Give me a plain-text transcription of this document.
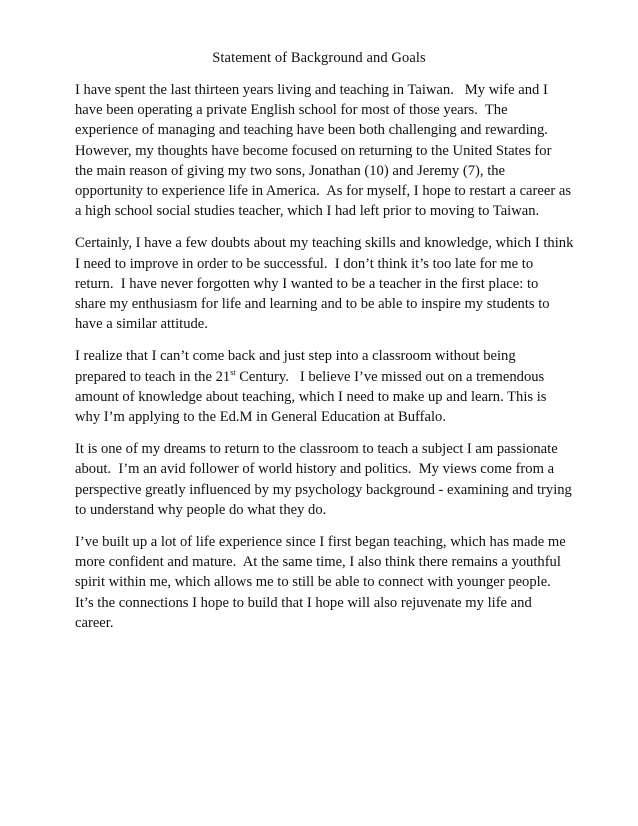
Statement of Background and Goals

I have spent the last thirteen years living and teaching in Taiwan.   My wife and I
have been operating a private English school for most of those years.  The
experience of managing and teaching have been both challenging and rewarding.
However, my thoughts have become focused on returning to the United States for
the main reason of giving my two sons, Jonathan (10) and Jeremy (7), the
opportunity to experience life in America.  As for myself, I hope to restart a career as
a high school social studies teacher, which I had left prior to moving to Taiwan.

Certainly, I have a few doubts about my teaching skills and knowledge, which I think
I need to improve in order to be successful.  I don’t think it’s too late for me to
return.  I have never forgotten why I wanted to be a teacher in the first place: to
share my enthusiasm for life and learning and to be able to inspire my students to
have a similar attitude.

I realize that I can’t come back and just step into a classroom without being
prepared to teach in the 21st Century.   I believe I’ve missed out on a tremendous
amount of knowledge about teaching, which I need to make up and learn. This is
why I’m applying to the Ed.M in General Education at Buffalo.

It is one of my dreams to return to the classroom to teach a subject I am passionate
about.  I’m an avid follower of world history and politics.  My views come from a
perspective greatly influenced by my psychology background - examining and trying
to understand why people do what they do.

I’ve built up a lot of life experience since I first began teaching, which has made me
more confident and mature.  At the same time, I also think there remains a youthful
spirit within me, which allows me to still be able to connect with younger people.
It’s the connections I hope to build that I hope will also rejuvenate my life and
career.
